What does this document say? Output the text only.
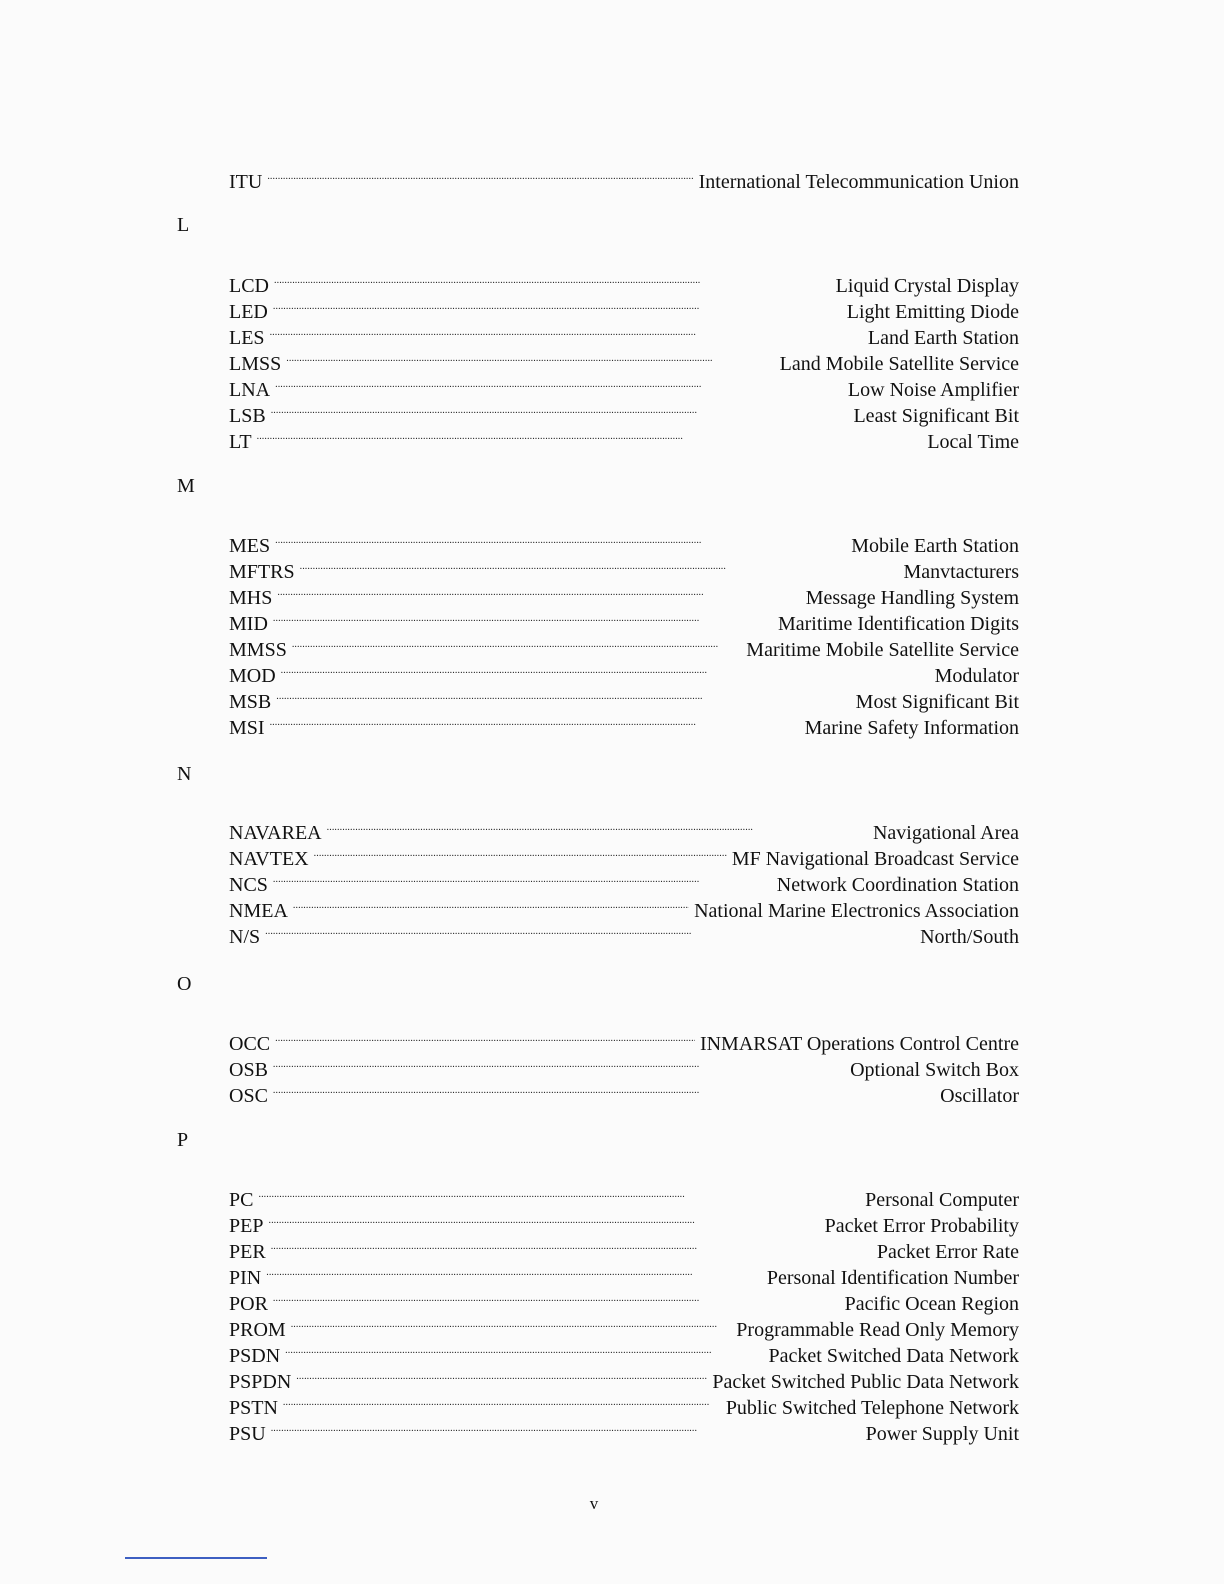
ITU . . .	International Telecommunication Union
L
LCD . . .	Liquid Crystal Display
LED . . .	Light Emitting Diode
LES . . .	Land Earth Station
LMSS . . .	Land Mobile Satellite Service
LNA . . .	Low Noise Amplifier
LSB . . .	Least Significant Bit
LT . . .	Local Time
M
MES . . .	Mobile Earth Station
MFTRS . . .	Manvtacturers
MHS . . .	Message Handling System
MID . . .	Maritime Identification Digits
MMSS . . .	Maritime Mobile Satellite Service
MOD . . .	Modulator
MSB . . .	Most Significant Bit
MSI . . .	Marine Safety Information
N
NAVAREA . . .	Navigational Area
NAVTEX . . .	MF Navigational Broadcast Service
NCS . . .	Network Coordination Station
NMEA . . .	National Marine Electronics Association
N/S . . .	North/South
O
OCC . . .	INMARSAT Operations Control Centre
OSB . . .	Optional Switch Box
OSC . . .	Oscillator
P
PC . . .	Personal Computer
PEP . . .	Packet Error Probability
PER . . .	Packet Error Rate
PIN . . .	Personal Identification Number
POR . . .	Pacific Ocean Region
PROM . . .	Programmable Read Only Memory
PSDN . . .	Packet Switched Data Network
PSPDN . . .	Packet Switched Public Data Network
PSTN . . .	Public Switched Telephone Network
PSU . . .	Power Supply Unit
v
